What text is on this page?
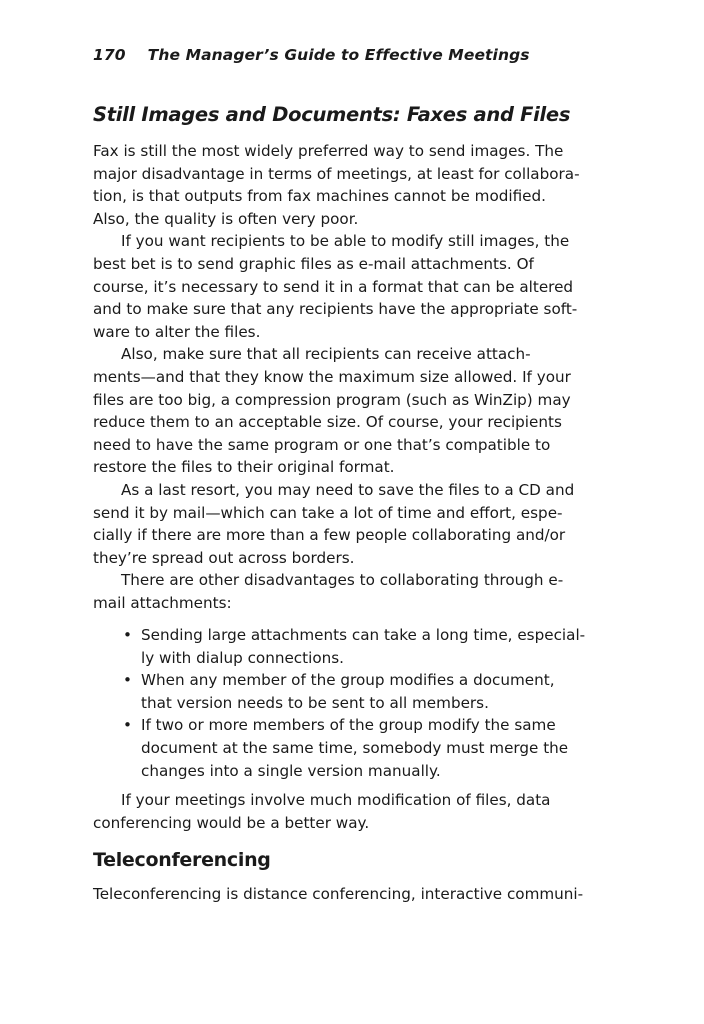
170 The Manager’s Guide to Effective Meetings
Still Images and Documents: Faxes and Files
Fax is still the most widely preferred way to send images. The
major disadvantage in terms of meetings, at least for collabora-
tion, is that outputs from fax machines cannot be modified.
Also, the quality is often very poor.
If you want recipients to be able to modify still images, the
best bet is to send graphic files as e-mail attachments. Of
course, it’s necessary to send it in a format that can be altered
and to make sure that any recipients have the appropriate soft-
ware to alter the files.
Also, make sure that all recipients can receive attach-
ments—and that they know the maximum size allowed. If your
files are too big, a compression program (such as WinZip) may
reduce them to an acceptable size. Of course, your recipients
need to have the same program or one that’s compatible to
restore the files to their original format.
As a last resort, you may need to save the files to a CD and
send it by mail—which can take a lot of time and effort, espe-
cially if there are more than a few people collaborating and/or
they’re spread out across borders.
There are other disadvantages to collaborating through e-
mail attachments:
• Sending large attachments can take a long time, especial-
ly with dialup connections.
• When any member of the group modifies a document,
that version needs to be sent to all members.
• If two or more members of the group modify the same
document at the same time, somebody must merge the
changes into a single version manually.
If your meetings involve much modification of files, data
conferencing would be a better way.
Teleconferencing
Teleconferencing is distance conferencing, interactive communi-
